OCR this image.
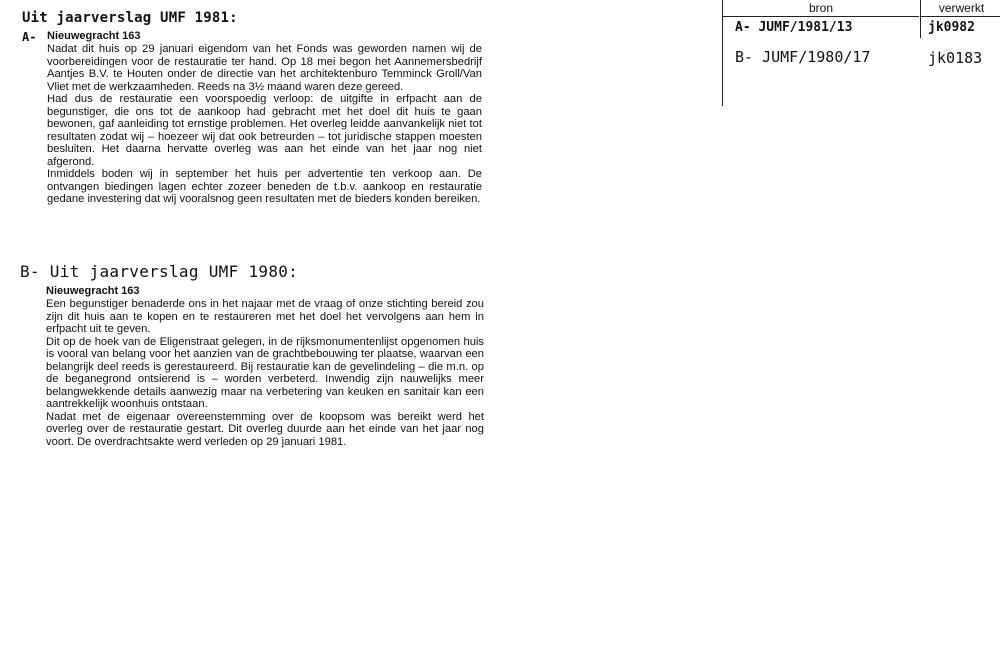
Uit jaarverslag UMF 1981:
A- Nieuwegracht 163

Nadat dit huis op 29 januari eigendom van het Fonds was geworden namen wij de voorbereidingen voor de restauratie ter hand. Op 18 mei begon het Aannemersbedrijf Aantjes B.V. te Houten onder de directie van het architektenburo Temminck Groll/Van Vliet met de werkzaamheden. Reeds na 3½ maand waren deze gereed.

Had dus de restauratie een voorspoedig verloop: de uitgifte in erfpacht aan de begunstiger, die ons tot de aankoop had gebracht met het doel dit huis te gaan bewonen, gaf aanleiding tot ernstige problemen. Het overleg leidde aanvankelijk niet tot resultaten zodat wij – hoezeer wij dat ook betreurden – tot juridische stappen moesten besluiten. Het daarna hervatte overleg was aan het einde van het jaar nog niet afgerond.

Inmiddels boden wij in september het huis per advertentie ten verkoop aan. De ontvangen biedingen lagen echter zozeer beneden de t.b.v. aankoop en restauratie gedane investering dat wij vooralsnog geen resultaten met de bieders konden bereiken.

B- Uit jaarverslag UMF 1980:
Nieuwegracht 163

Een begunstiger benaderde ons in het najaar met de vraag of onze stichting bereid zou zijn dit huis aan te kopen en te restaureren met het doel het vervolgens aan hem in erfpacht uit te geven.

Dit op de hoek van de Eligenstraat gelegen, in de rijksmonumentenlijst opgenomen huis is vooral van belang voor het aanzien van de grachtbebouwing ter plaatse, waarvan een belangrijk deel reeds is gerestaureerd. Bij restauratie kan de gevelindeling – die m.n. op de beganegrond ontsierend is – worden verbeterd. Inwendig zijn nauwelijks meer belangwekkende details aanwezig maar na verbetering van keuken en sanitair kan een aantrekkelijk woonhuis ontstaan.

Nadat met de eigenaar overeenstemming over de koopsom was bereikt werd het overleg over de restauratie gestart. Dit overleg duurde aan het einde van het jaar nog voort. De overdrachtsakte werd verleden op 29 januari 1981.

bron	verwerkt
A- JUMF/1981/13	jk0982
B- JUMF/1980/17	jk0183
